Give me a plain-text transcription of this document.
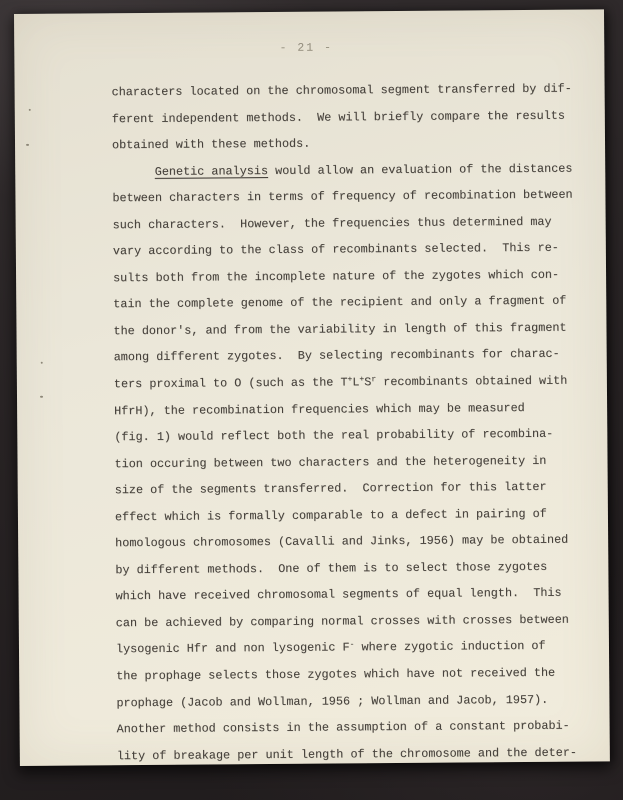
- 21 -
characters located on the chromosomal segment transferred by dif-
ferent independent methods.  We will briefly compare the results
obtained with these methods.
Genetic analysis would allow an evaluation of the distances
between characters in terms of frequency of recombination between
such characters.  However, the frequencies thus determined may
vary according to the class of recombinants selected.  This re-
sults both from the incomplete nature of the zygotes which con-
tain the complete genome of the recipient and only a fragment of
the donor's, and from the variability in length of this fragment
among different zygotes.  By selecting recombinants for charac-
ters proximal to O (such as the $T^+L^+S^r$ recombinants obtained with
HfrH), the recombination frequencies which may be measured
(fig. 1) would reflect both the real probability of recombina-
tion occuring between two characters and the heterogeneity in
size of the segments transferred.  Correction for this latter
effect which is formally comparable to a defect in pairing of
homologous chromosomes (Cavalli and Jinks, 1956) may be obtained
by different methods.  One of them is to select those zygotes
which have received chromosomal segments of equal length.  This
can be achieved by comparing normal crosses with crosses between
lysogenic Hfr and non lysogenic F- where zygotic induction of
the prophage selects those zygotes which have not received the
prophage (Jacob and Wollman, 1956 ; Wollman and Jacob, 1957).
Another method consists in the assumption of a constant probabi-
lity of breakage per unit length of the chromosome and the deter-
